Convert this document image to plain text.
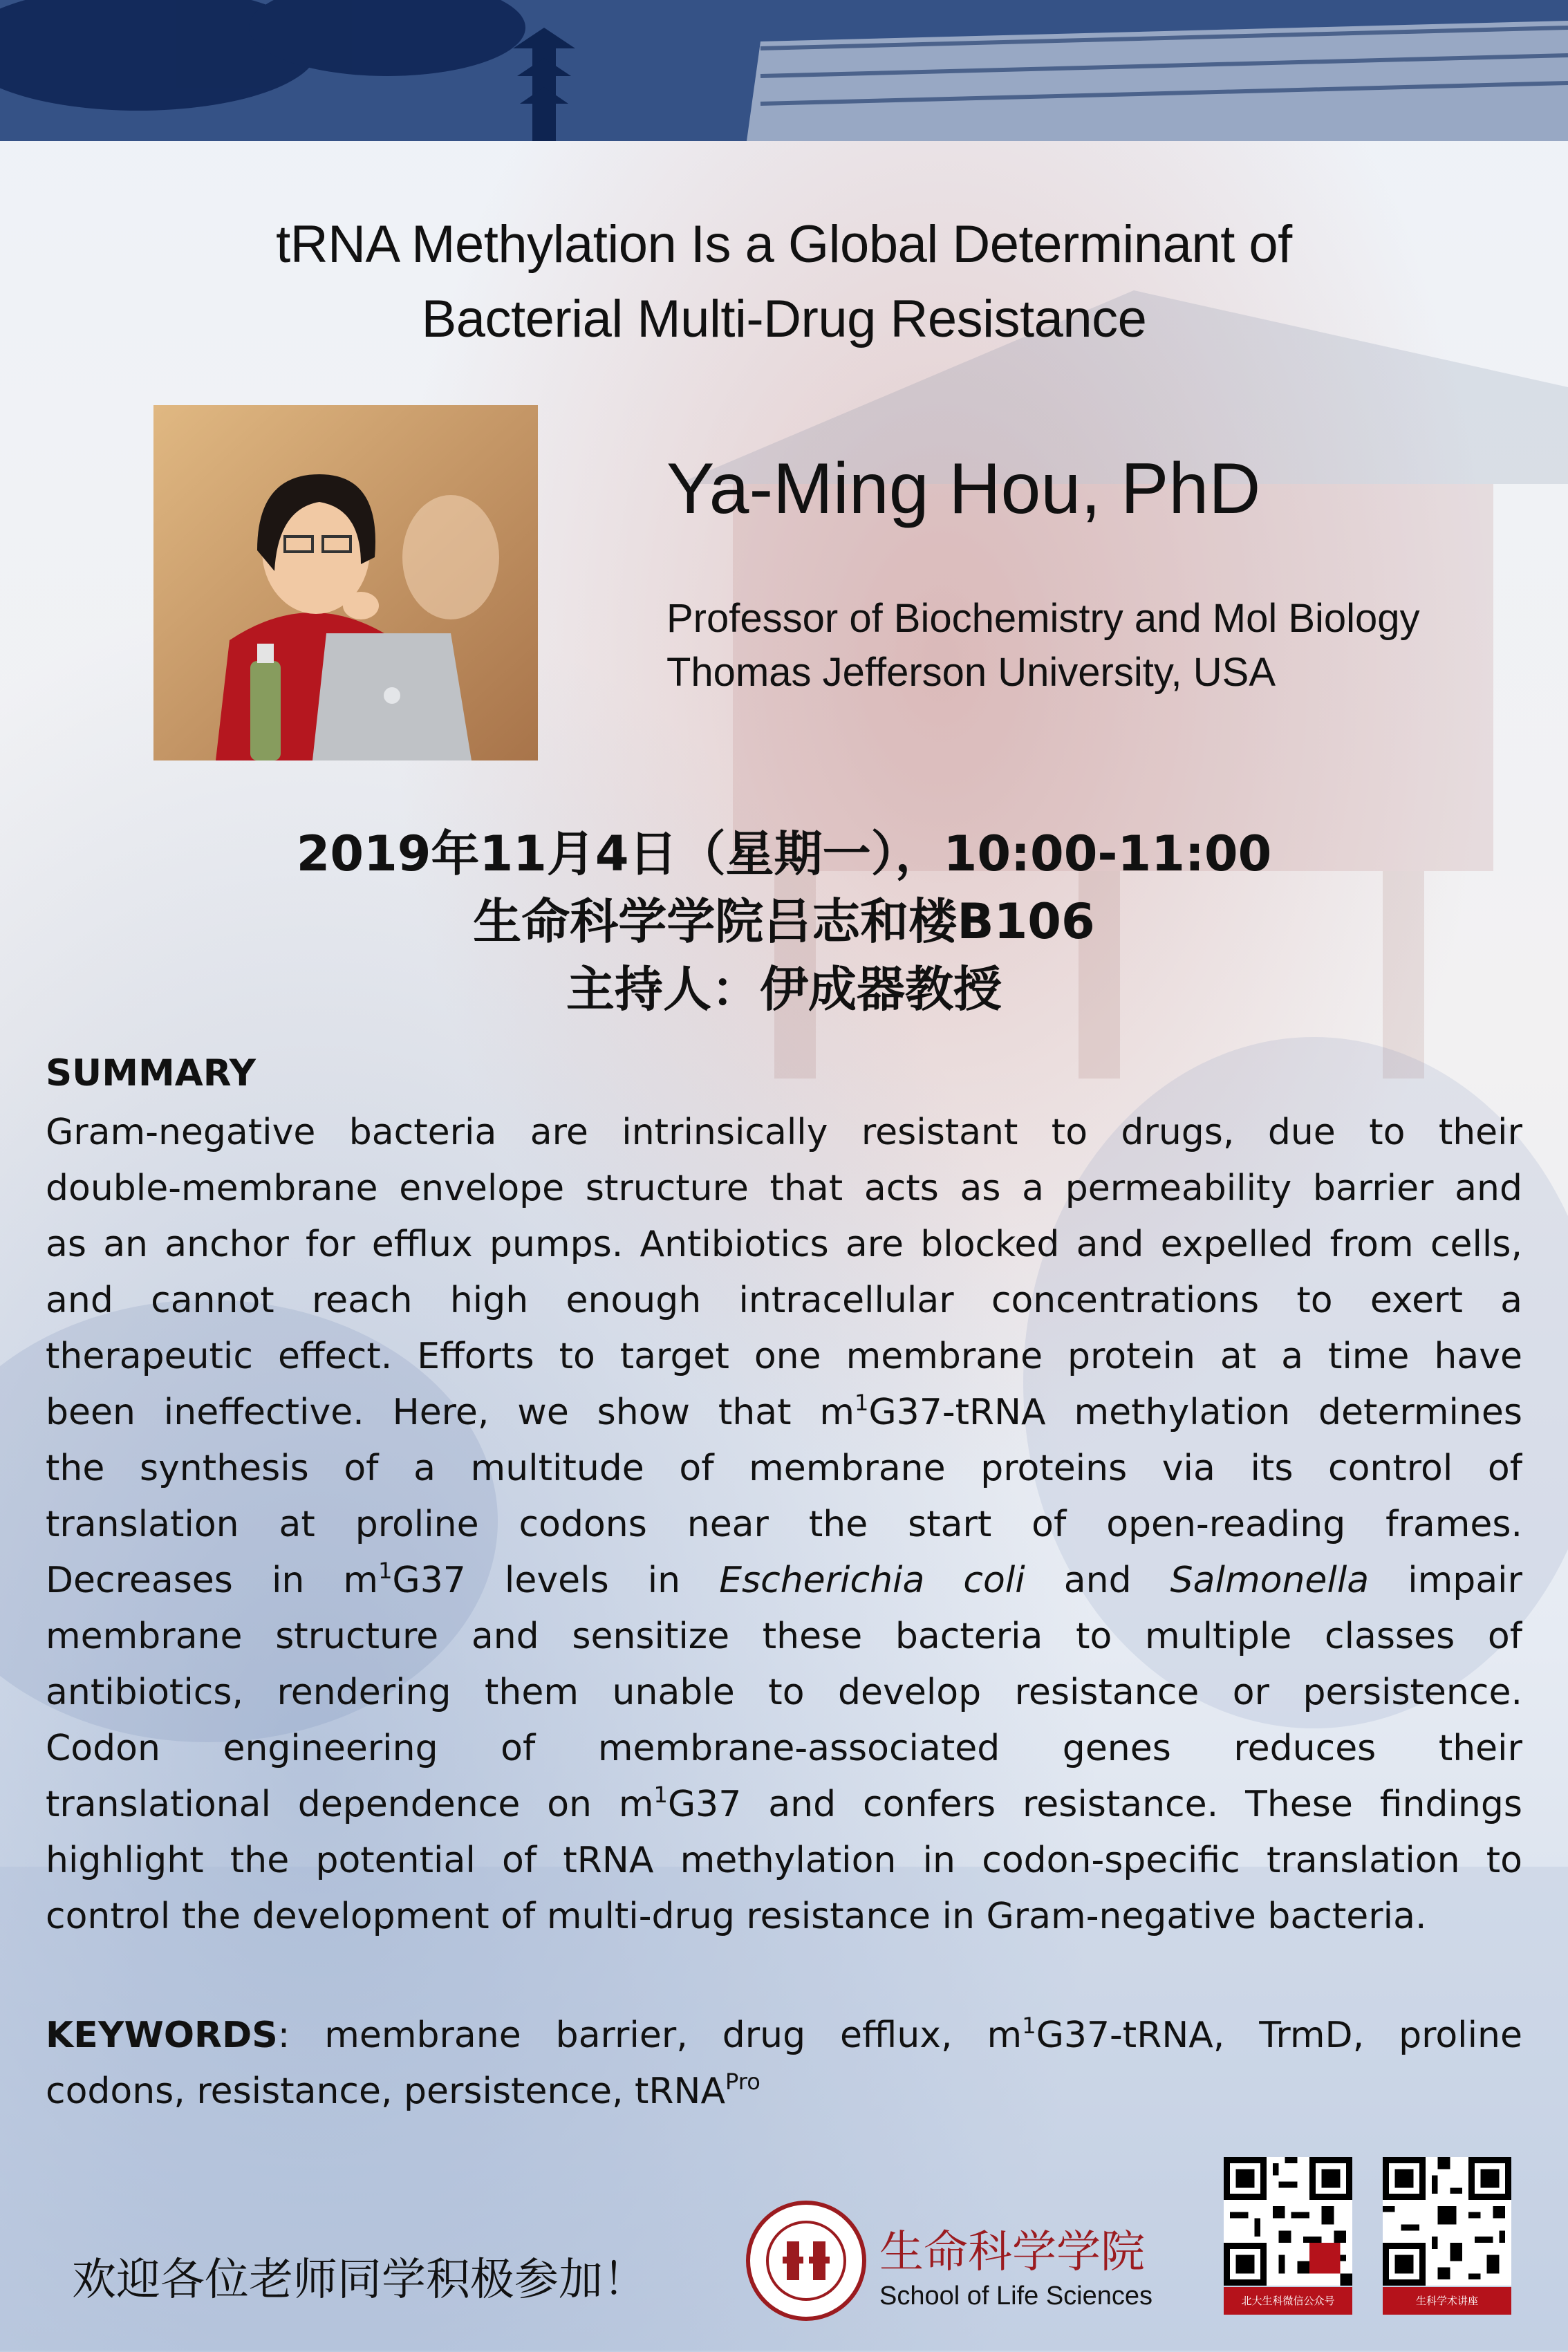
tRNA Methylation Is a Global Determinant of
Bacterial Multi-Drug Resistance
Ya-Ming Hou, PhD
Professor of Biochemistry and Mol Biology
Thomas Jefferson University, USA
2019年11月4日（星期一），10:00-11:00
生命科学学院吕志和楼B106
主持人：伊成器教授
SUMMARY
Gram-negative bacteria are intrinsically resistant to drugs, due to their
double-membrane envelope structure that acts as a permeability barrier and
as an anchor for efflux pumps. Antibiotics are blocked and expelled from cells,
and cannot reach high enough intracellular concentrations to exert a
therapeutic effect. Efforts to target one membrane protein at a time have
been ineffective. Here, we show that $m^1G37$-tRNA methylation determines
the synthesis of a multitude of membrane proteins via its control of
translation at proline codons near the start of open-reading frames.
Decreases in $m^1G37$ levels in Escherichia coli and Salmonella impair
membrane structure and sensitize these bacteria to multiple classes of
antibiotics, rendering them unable to develop resistance or persistence.
Codon engineering of membrane-associated genes reduces their
translational dependence on $m^1G37$ and confers resistance. These findings
highlight the potential of tRNA methylation in codon-specific translation to
control the development of multi-drug resistance in Gram-negative bacteria.
KEYWORDS: membrane barrier, drug efflux, $m^1G37$-tRNA, TrmD, proline
codons, resistance, persistence, tRNA$^{Pro}$
欢迎各位老师同学积极参加！
生命科学学院
School of Life Sciences	北大生科微信公众号	生科学术讲座
